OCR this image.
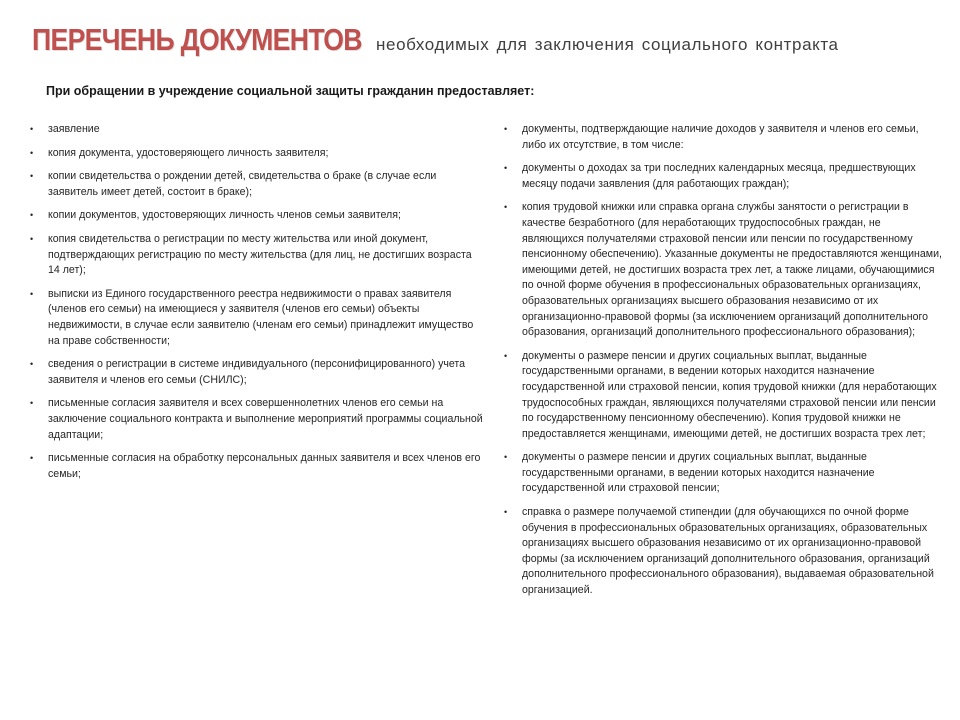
ПЕРЕЧЕНЬ ДОКУМЕНТОВ необходимых для заключения социального контракта
При обращении в учреждение социальной защиты гражданин предоставляет:
• заявление
• копия документа, удостоверяющего личность заявителя;
• копии свидетельства о рождении детей, свидетельства о браке (в случае если заявитель имеет детей, состоит в браке);
• копии документов, удостоверяющих личность членов семьи заявителя;
• копия свидетельства о регистрации по месту жительства или иной документ, подтверждающих регистрацию по месту жительства (для лиц, не достигших возраста 14 лет);
• выписки из Единого государственного реестра недвижимости о правах заявителя (членов его семьи) на имеющиеся у заявителя (членов его семьи) объекты недвижимости, в случае если заявителю (членам его семьи) принадлежит имущество на праве собственности;
• сведения о регистрации в системе индивидуального (персонифицированного) учета заявителя и членов его семьи (СНИЛС);
• письменные согласия заявителя и всех совершеннолетних членов его семьи на заключение социального контракта и выполнение мероприятий программы социальной адаптации;
• письменные согласия на обработку персональных данных заявителя и всех членов его семьи;
• документы, подтверждающие наличие доходов у заявителя и членов его семьи, либо их отсутствие, в том числе:
• документы о доходах за три последних календарных месяца, предшествующих месяцу подачи заявления (для работающих граждан);
• копия трудовой книжки или справка органа службы занятости о регистрации в качестве безработного (для неработающих трудоспособных граждан, не являющихся получателями страховой пенсии или пенсии по государственному пенсионному обеспечению). Указанные документы не предоставляются женщинами, имеющими детей, не достигших возраста трех лет, а также лицами, обучающимися по очной форме обучения в профессиональных образовательных организациях, образовательных организациях высшего образования независимо от их организационно-правовой формы (за исключением организаций дополнительного образования, организаций дополнительного профессионального образования);
• документы о размере пенсии и других социальных выплат, выданные государственными органами, в ведении которых находится назначение государственной или страховой пенсии, копия трудовой книжки (для неработающих трудоспособных граждан, являющихся получателями страховой пенсии или пенсии по государственному пенсионному обеспечению). Копия трудовой книжки не предоставляется женщинами, имеющими детей, не достигших возраста трех лет;
• документы о размере пенсии и других социальных выплат, выданные государственными органами, в ведении которых находится назначение государственной или страховой пенсии;
• справка о размере получаемой стипендии (для обучающихся по очной форме обучения в профессиональных образовательных организациях, образовательных организациях высшего образования независимо от их организационно-правовой формы (за исключением организаций дополнительного образования, организаций дополнительного профессионального образования), выдаваемая образовательной организацией.
